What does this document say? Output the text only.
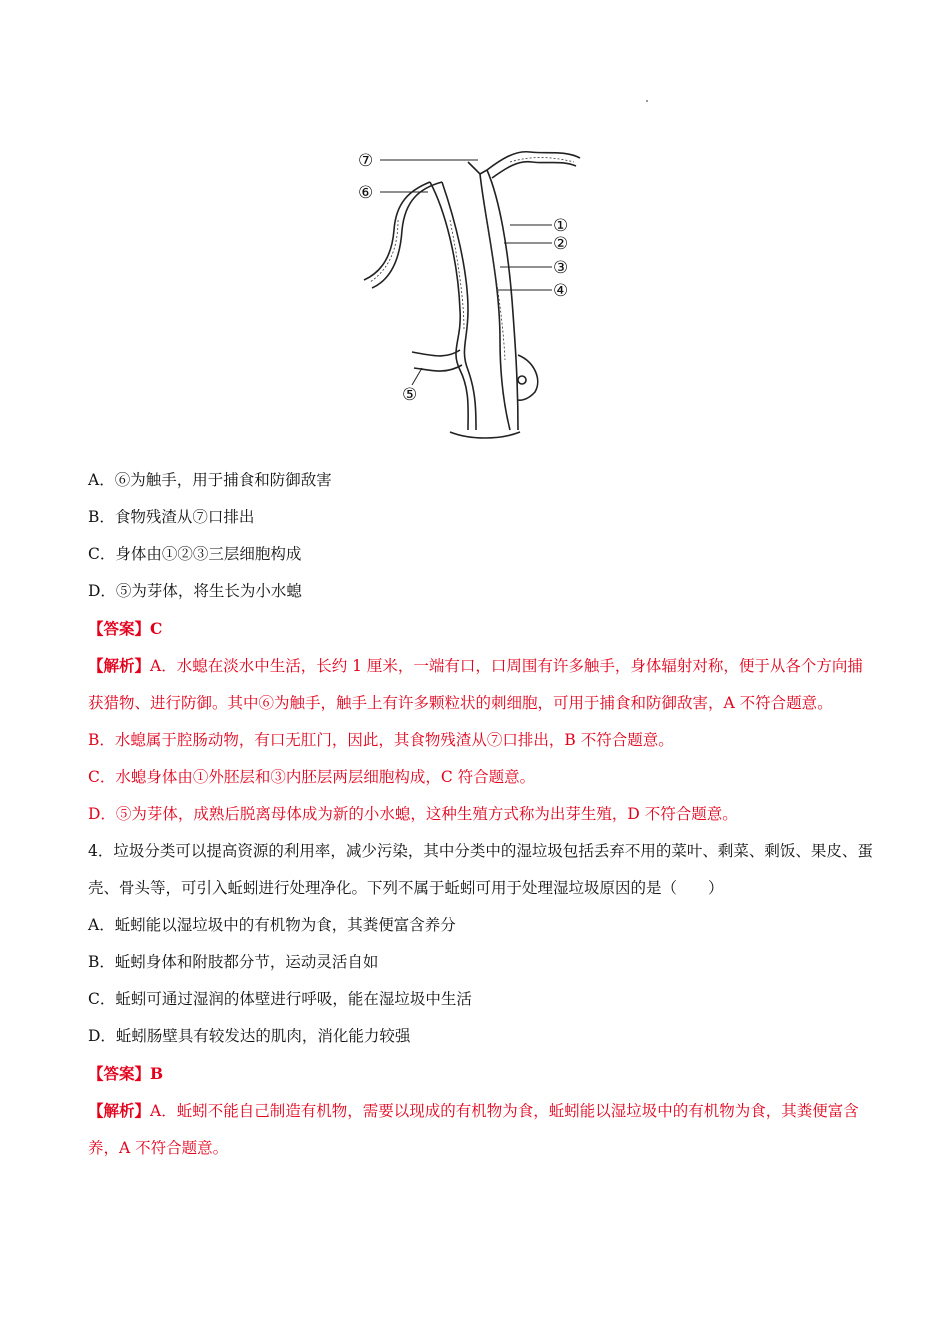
⑦
⑥
①
②
③
④
⑤
A．⑥为触手，用于捕食和防御敌害
B．食物残渣从⑦口排出
C．身体由①②③三层细胞构成
D．⑤为芽体，将生长为小水螅
【答案】C
【解析】A．水螅在淡水中生活，长约 1 厘米，一端有口，口周围有许多触手，身体辐射对称，便于从各个方向捕获猎物、进行防御。其中⑥为触手，触手上有许多颗粒状的刺细胞，可用于捕食和防御敌害，A 不符合题意。
B．水螅属于腔肠动物，有口无肛门，因此，其食物残渣从⑦口排出，B 不符合题意。
C．水螅身体由①外胚层和③内胚层两层细胞构成，C 符合题意。
D．⑤为芽体，成熟后脱离母体成为新的小水螅，这种生殖方式称为出芽生殖，D 不符合题意。
4．垃圾分类可以提高资源的利用率，减少污染，其中分类中的湿垃圾包括丢弃不用的菜叶、剩菜、剩饭、果皮、蛋壳、骨头等，可引入蚯蚓进行处理净化。下列不属于蚯蚓可用于处理湿垃圾原因的是（　　）
A．蚯蚓能以湿垃圾中的有机物为食，其粪便富含养分
B．蚯蚓身体和附肢都分节，运动灵活自如
C．蚯蚓可通过湿润的体壁进行呼吸，能在湿垃圾中生活
D．蚯蚓肠壁具有较发达的肌肉，消化能力较强
【答案】B
【解析】A．蚯蚓不能自己制造有机物，需要以现成的有机物为食，蚯蚓能以湿垃圾中的有机物为食，其粪便富含养，A 不符合题意。
